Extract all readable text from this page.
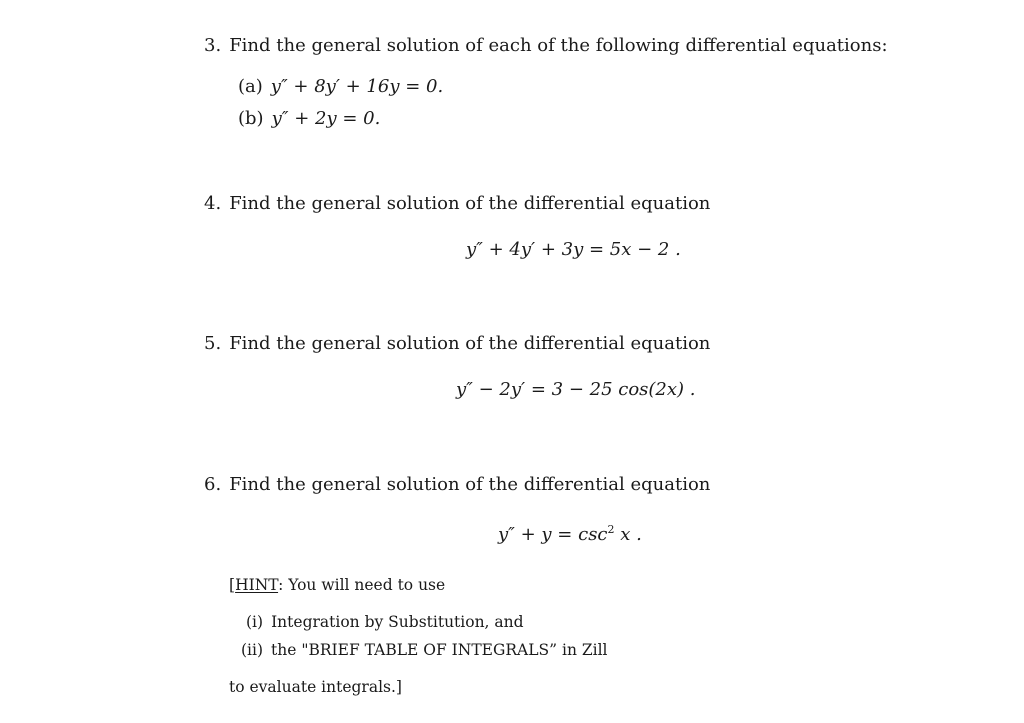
3. Find the general solution of each of the following differential equations:
(a) y″ + 8y′ + 16y = 0.
(b) y″ + 2y = 0.
4. Find the general solution of the differential equation
y″ + 4y′ + 3y = 5x − 2 .
5. Find the general solution of the differential equation
y″ − 2y′ = 3 − 25 cos(2x) .
6. Find the general solution of the differential equation
$y'' + y = \csc^2 x$ .
[HINT: You will need to use
(i) Integration by Substitution, and
(ii) the "BRIEF TABLE OF INTEGRALS” in Zill
to evaluate integrals.]
